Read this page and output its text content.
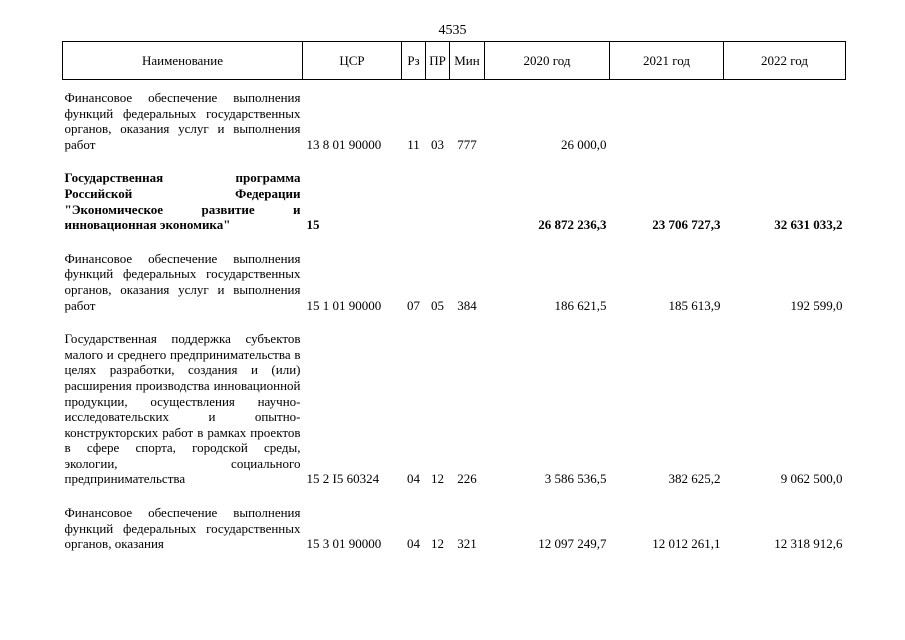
4535
Наименование	ЦСР	Рз	ПР	Мин	2020 год	2021 год	2022 год

Финансовое обеспечение выполнения функций федеральных государственных органов, оказания услуг и выполнения работ	13 8 01 90000	11	03	777	26 000,0		

Государственная программа Российской Федерации "Экономическое развитие и инновационная экономика"	15				26 872 236,3	23 706 727,3	32 631 033,2

Финансовое обеспечение выполнения функций федеральных государственных органов, оказания услуг и выполнения работ	15 1 01 90000	07	05	384	186 621,5	185 613,9	192 599,0

Государственная поддержка субъектов малого и среднего предпринимательства в целях разработки, создания и (или) расширения производства инновационной продукции, осуществления научно-исследовательских и опытно-конструкторских работ в рамках проектов в сфере спорта, городской среды, экологии, социального предпринимательства	15 2 I5 60324	04	12	226	3 586 536,5	382 625,2	9 062 500,0

Финансовое обеспечение выполнения функций федеральных государственных органов, оказания	15 3 01 90000	04	12	321	12 097 249,7	12 012 261,1	12 318 912,6
